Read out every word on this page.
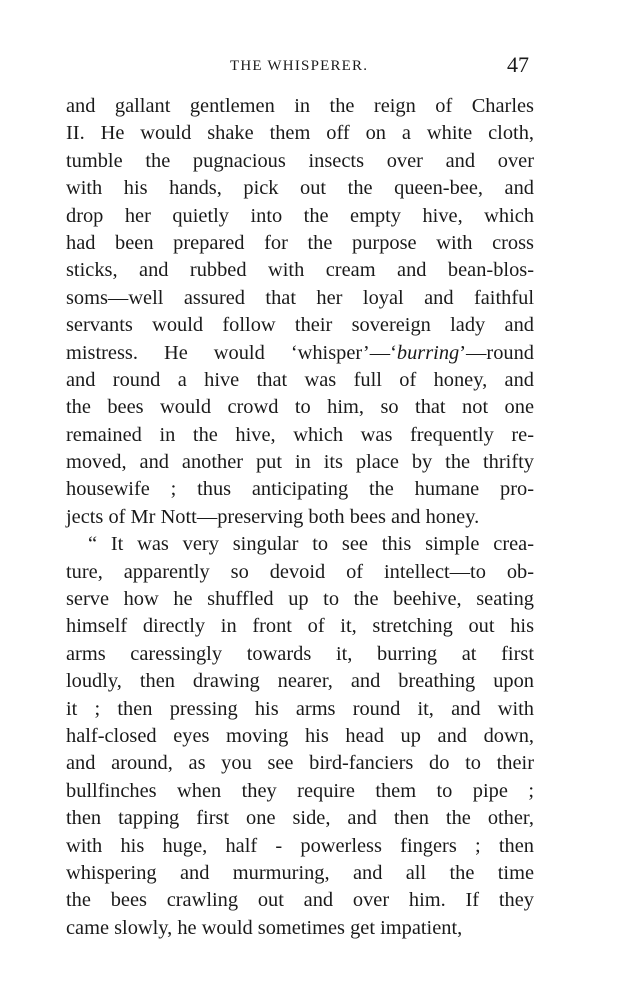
THE WHISPERER.	47
and gallant gentlemen in the reign of Charles
II. He would shake them off on a white cloth,
tumble the pugnacious insects over and over
with his hands, pick out the queen-bee, and
drop her quietly into the empty hive, which
had been prepared for the purpose with cross
sticks, and rubbed with cream and bean-blos-
soms—well assured that her loyal and faithful
servants would follow their sovereign lady and
mistress. He would ‘whisper’—‘burring’—round
and round a hive that was full of honey, and
the bees would crowd to him, so that not one
remained in the hive, which was frequently re-
moved, and another put in its place by the thrifty
housewife ; thus anticipating the humane pro-
jects of Mr Nott—preserving both bees and honey.
“ It was very singular to see this simple crea-
ture, apparently so devoid of intellect—to ob-
serve how he shuffled up to the beehive, seating
himself directly in front of it, stretching out his
arms caressingly towards it, burring at first
loudly, then drawing nearer, and breathing upon
it ; then pressing his arms round it, and with
half-closed eyes moving his head up and down,
and around, as you see bird-fanciers do to their
bullfinches when they require them to pipe ;
then tapping first one side, and then the other,
with his huge, half - powerless fingers ; then
whispering and murmuring, and all the time
the bees crawling out and over him. If they
came slowly, he would sometimes get impatient,
